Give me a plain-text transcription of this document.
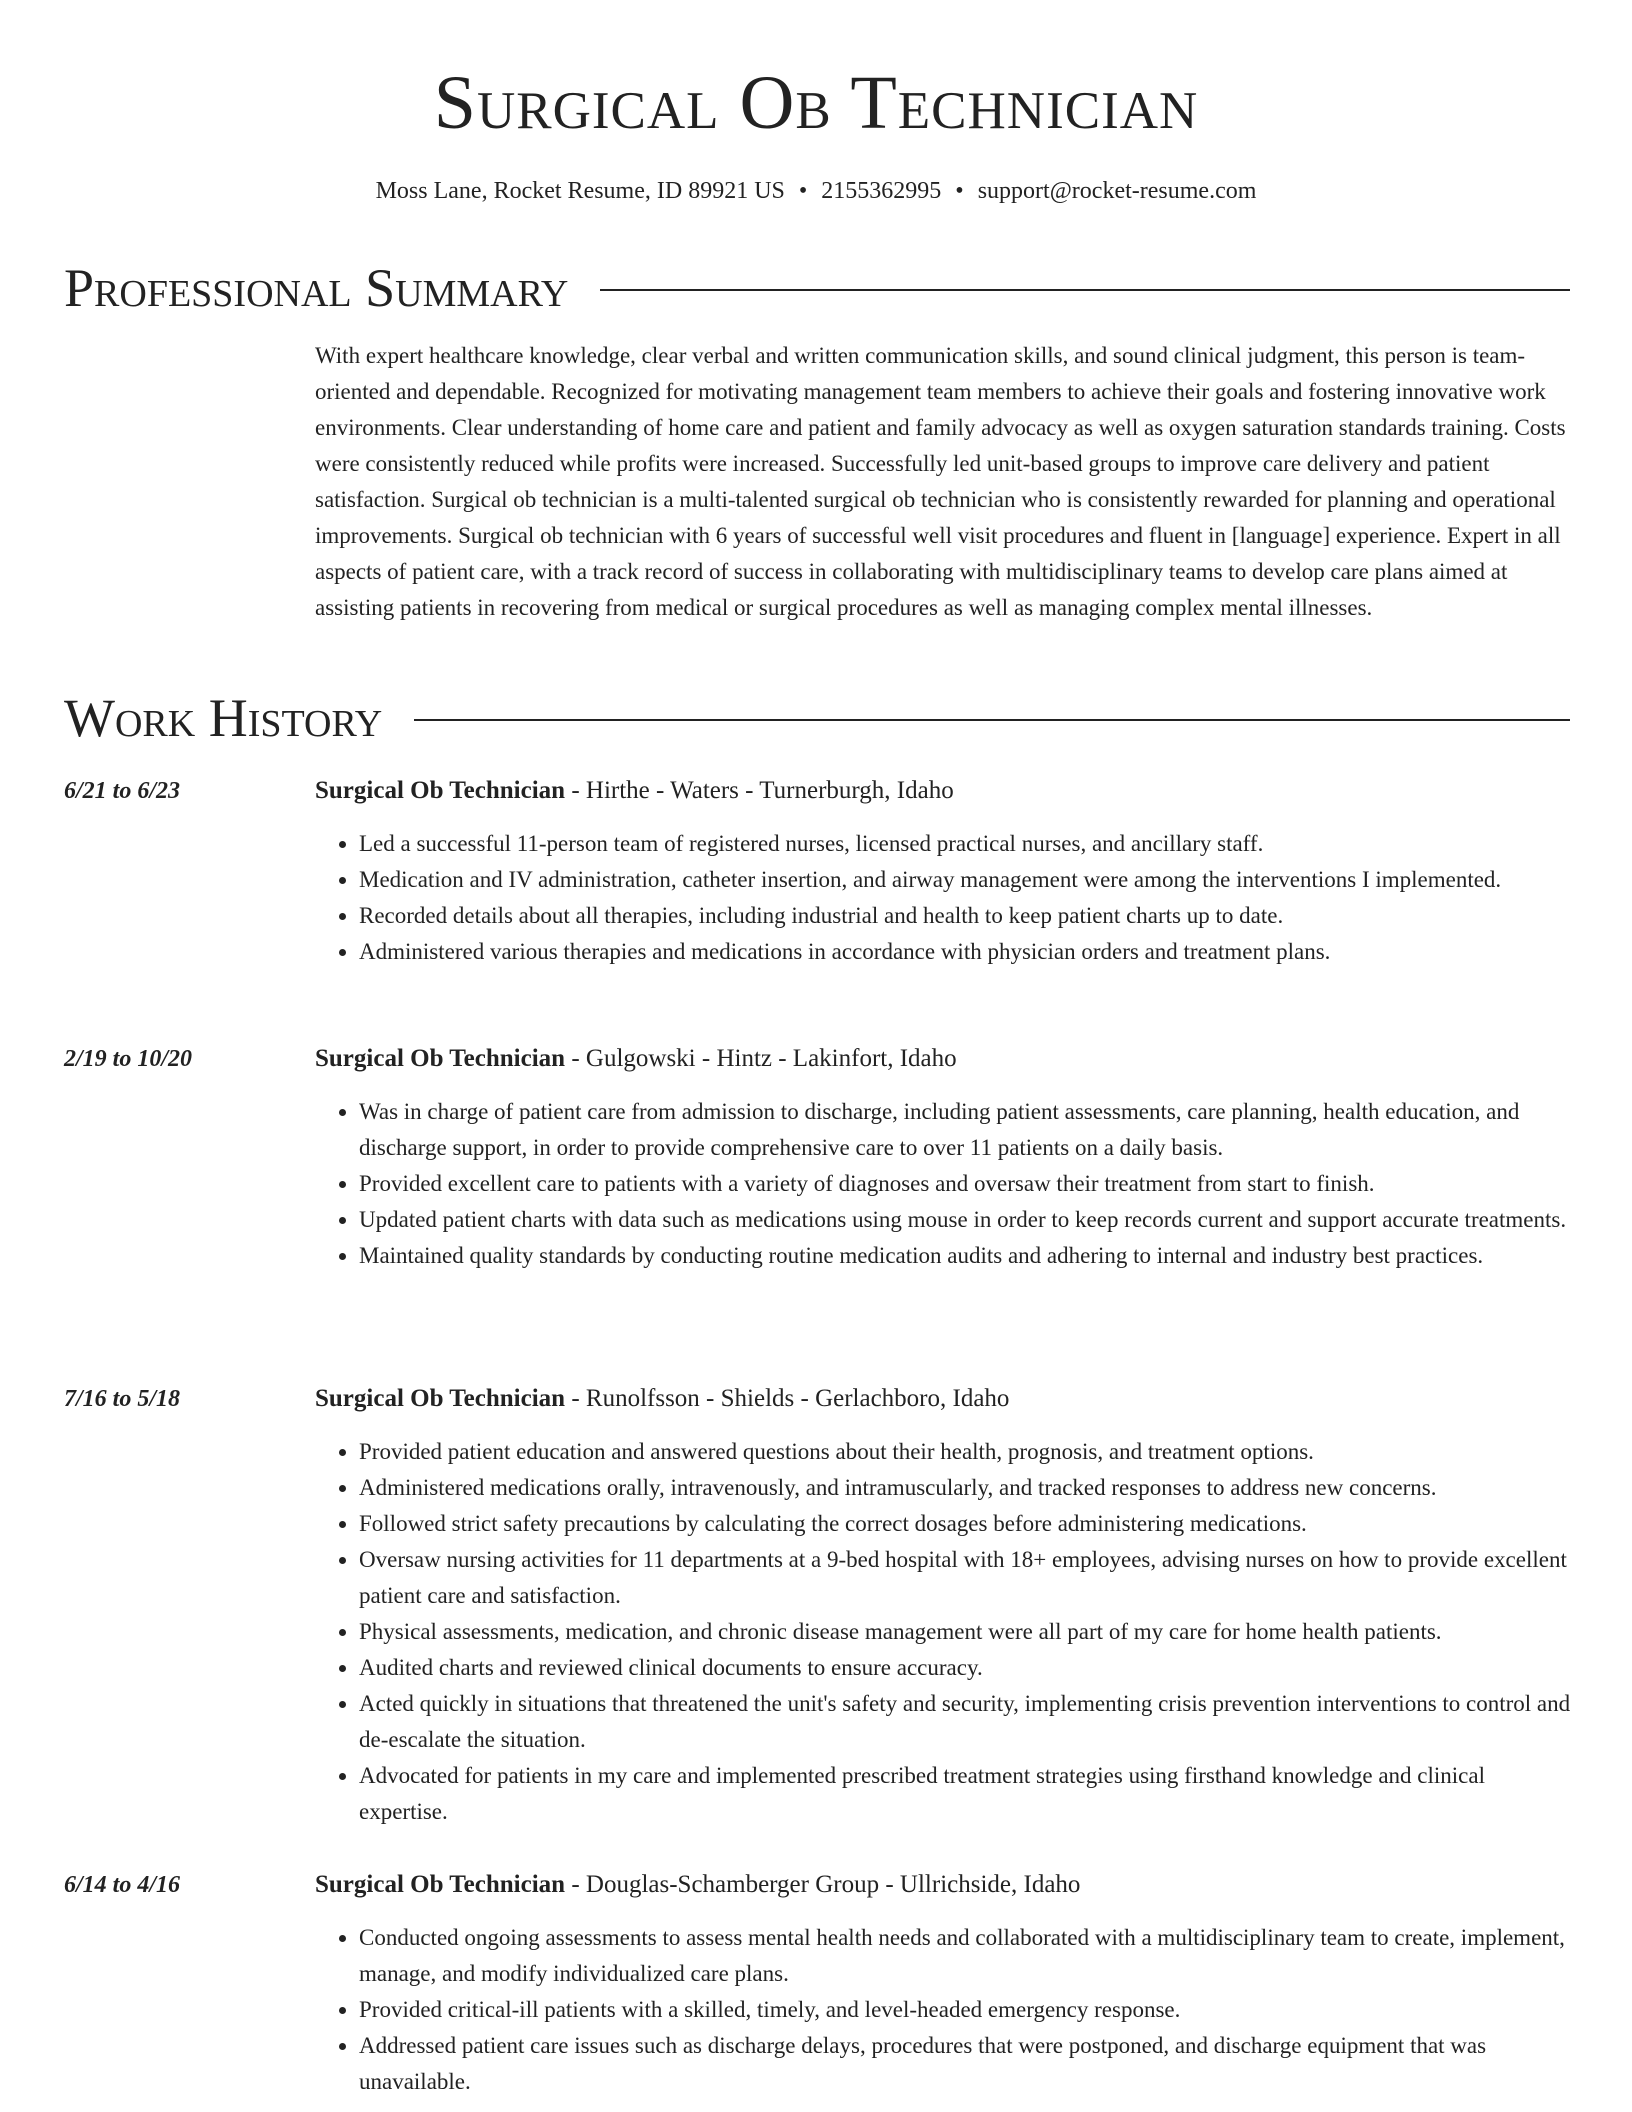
Surgical Ob Technician
Moss Lane, Rocket Resume, ID 89921 US • 2155362995 • support@rocket-resume.com
Professional Summary

With expert healthcare knowledge, clear verbal and written communication skills, and sound clinical judgment, this person is team-oriented and dependable. Recognized for motivating management team members to achieve their goals and fostering innovative work environments. Clear understanding of home care and patient and family advocacy as well as oxygen saturation standards training. Costs were consistently reduced while profits were increased. Successfully led unit-based groups to improve care delivery and patient satisfaction. Surgical ob technician is a multi-talented surgical ob technician who is consistently rewarded for planning and operational improvements. Surgical ob technician with 6 years of successful well visit procedures and fluent in [language] experience. Expert in all aspects of patient care, with a track record of success in collaborating with multidisciplinary teams to develop care plans aimed at assisting patients in recovering from medical or surgical procedures as well as managing complex mental illnesses.

Work History
6/21 to 6/23	Surgical Ob Technician - Hirthe - Waters - Turnerburgh, Idaho
• Led a successful 11-person team of registered nurses, licensed practical nurses, and ancillary staff.
• Medication and IV administration, catheter insertion, and airway management were among the interventions I implemented.
• Recorded details about all therapies, including industrial and health to keep patient charts up to date.
• Administered various therapies and medications in accordance with physician orders and treatment plans.
2/19 to 10/20	Surgical Ob Technician - Gulgowski - Hintz - Lakinfort, Idaho
• Was in charge of patient care from admission to discharge, including patient assessments, care planning, health education, and discharge support, in order to provide comprehensive care to over 11 patients on a daily basis.
• Provided excellent care to patients with a variety of diagnoses and oversaw their treatment from start to finish.
• Updated patient charts with data such as medications using mouse in order to keep records current and support accurate treatments.
• Maintained quality standards by conducting routine medication audits and adhering to internal and industry best practices.
7/16 to 5/18	Surgical Ob Technician - Runolfsson - Shields - Gerlachboro, Idaho
• Provided patient education and answered questions about their health, prognosis, and treatment options.
• Administered medications orally, intravenously, and intramuscularly, and tracked responses to address new concerns.
• Followed strict safety precautions by calculating the correct dosages before administering medications.
• Oversaw nursing activities for 11 departments at a 9-bed hospital with 18+ employees, advising nurses on how to provide excellent patient care and satisfaction.
• Physical assessments, medication, and chronic disease management were all part of my care for home health patients.
• Audited charts and reviewed clinical documents to ensure accuracy.
• Acted quickly in situations that threatened the unit's safety and security, implementing crisis prevention interventions to control and de-escalate the situation.
• Advocated for patients in my care and implemented prescribed treatment strategies using firsthand knowledge and clinical expertise.
6/14 to 4/16	Surgical Ob Technician - Douglas-Schamberger Group - Ullrichside, Idaho
• Conducted ongoing assessments to assess mental health needs and collaborated with a multidisciplinary team to create, implement, manage, and modify individualized care plans.
• Provided critical-ill patients with a skilled, timely, and level-headed emergency response.
• Addressed patient care issues such as discharge delays, procedures that were postponed, and discharge equipment that was unavailable.
